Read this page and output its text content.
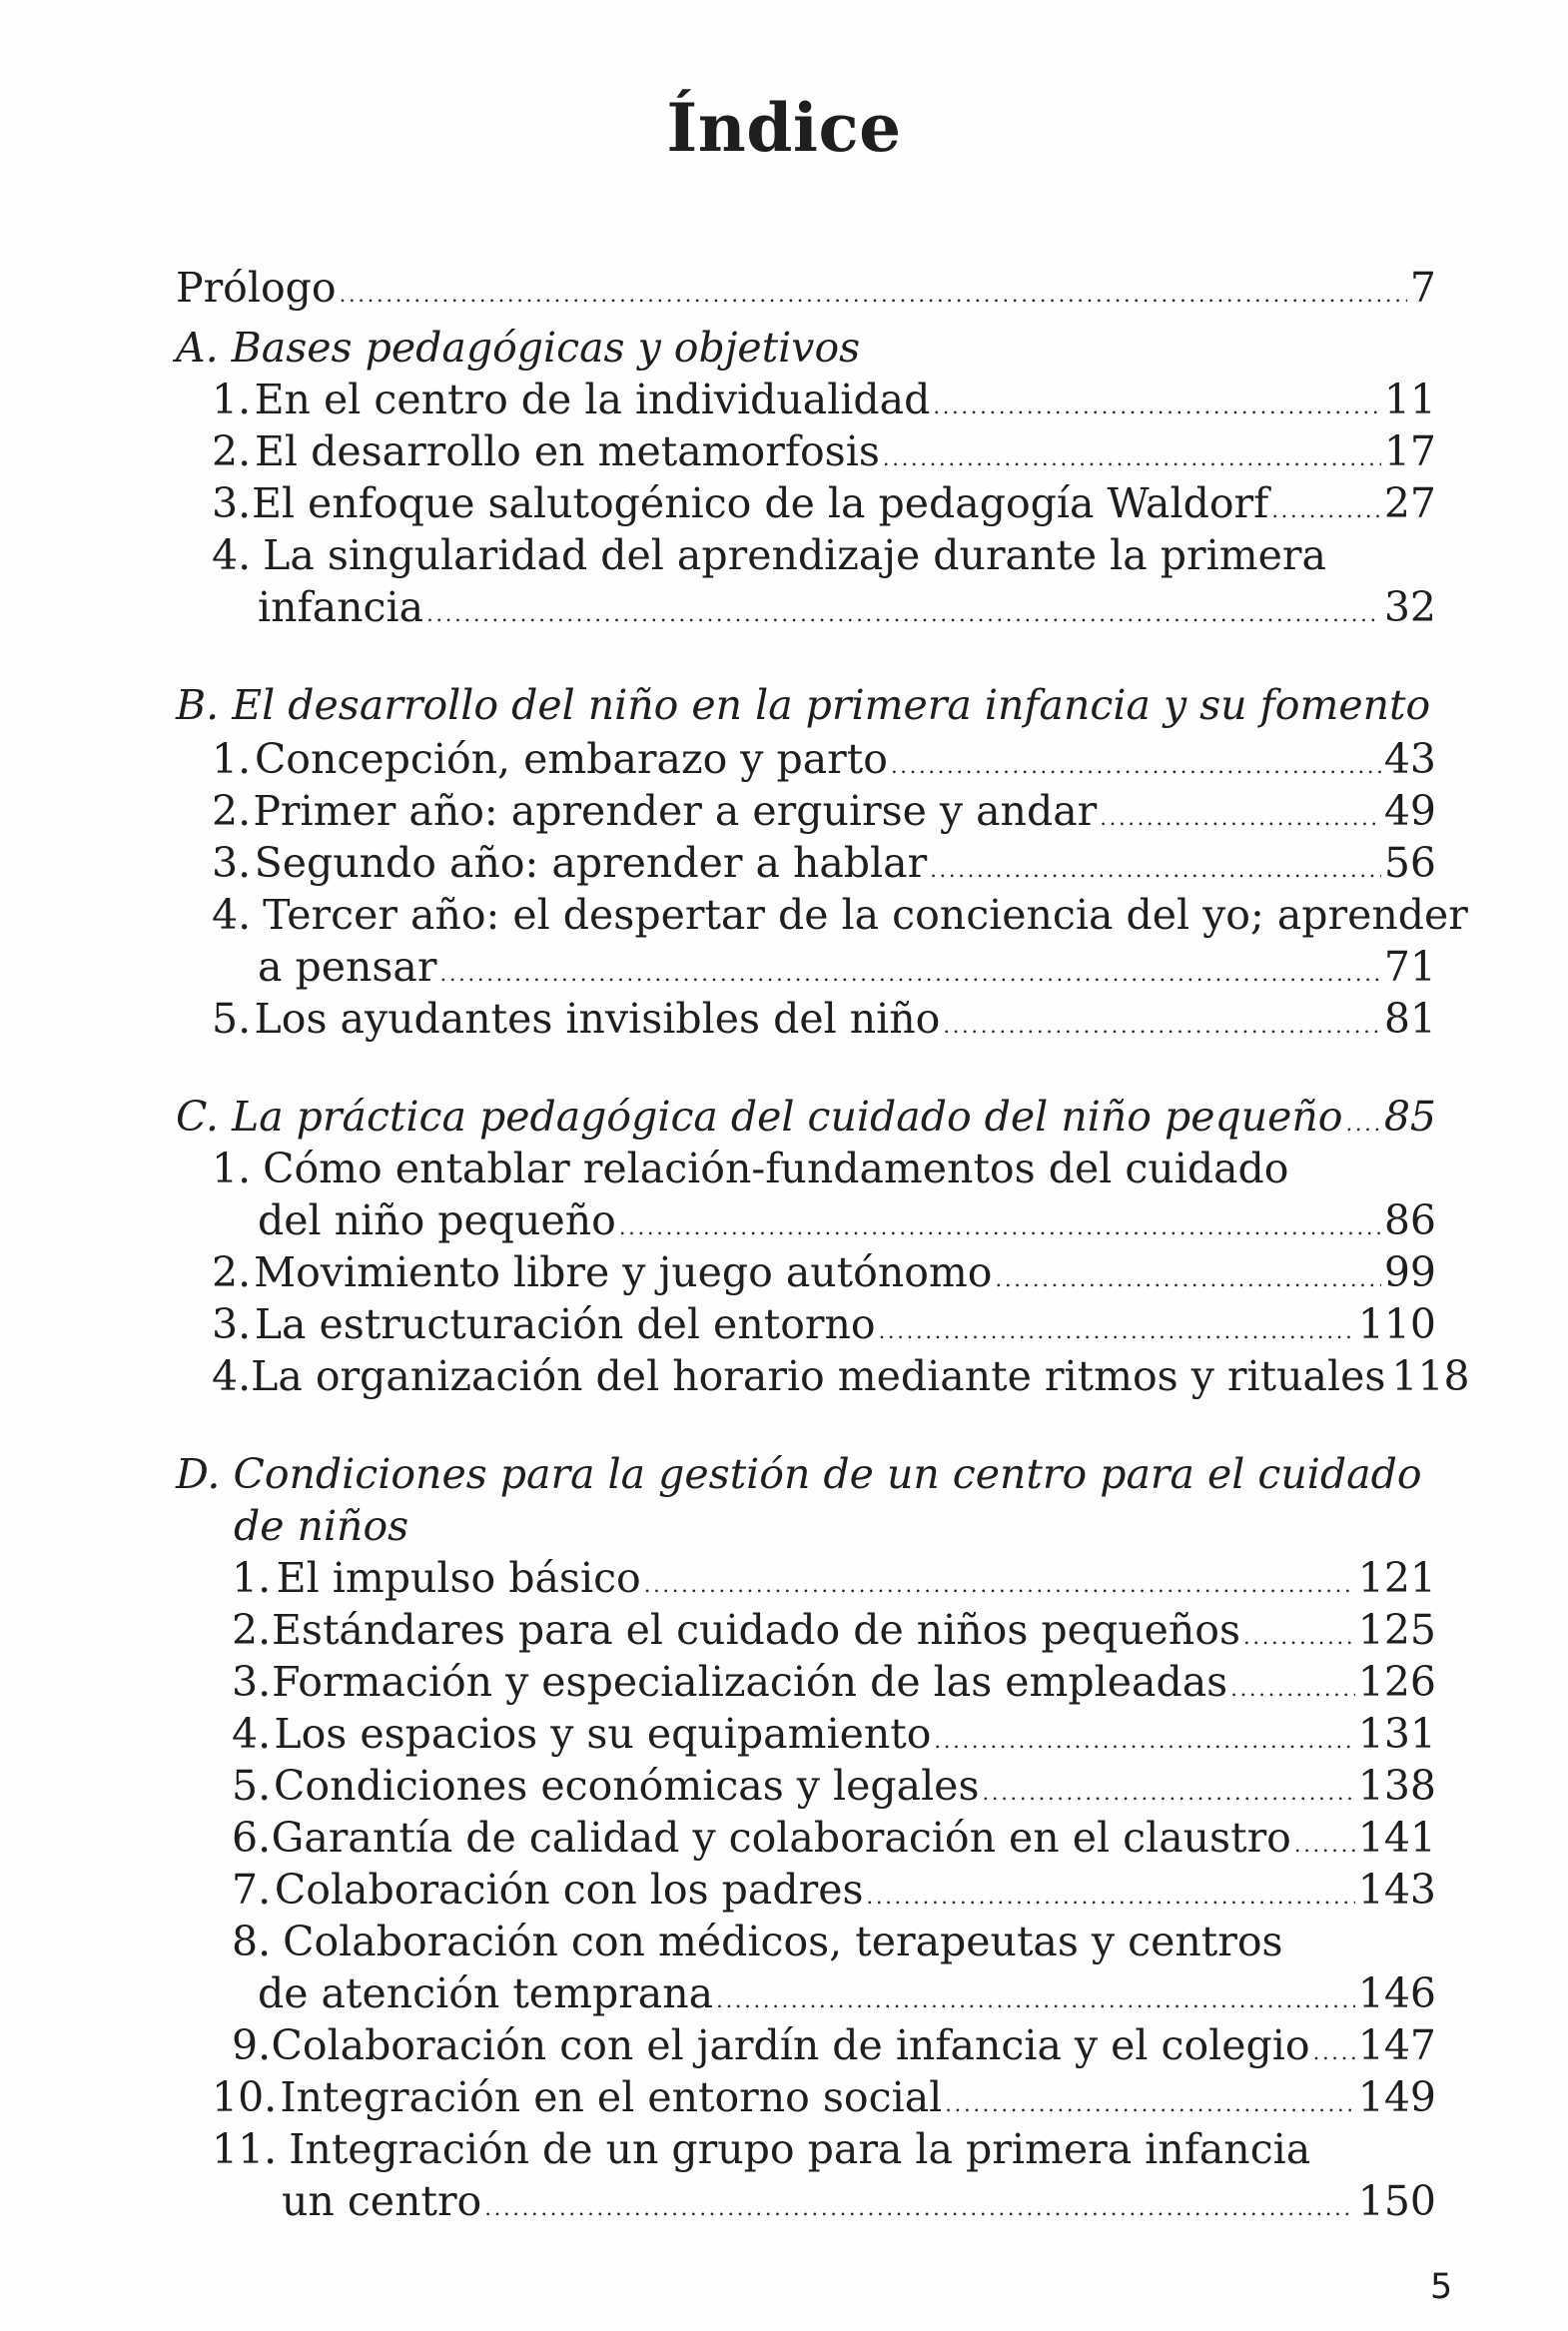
Índice
Prólogo . . .	7
A. Bases pedagógicas y objetivos
1. En el centro de la individualidad . . .	11
2. El desarrollo en metamorfosis . . .	17
3. El enfoque salutogénico de la pedagogía Waldorf . . .	27
4. La singularidad del aprendizaje durante la primera
infancia . . .	32
B. El desarrollo del niño en la primera infancia y su fomento
1. Concepción, embarazo y parto . . .	43
2. Primer año: aprender a erguirse y andar . . .	49
3. Segundo año: aprender a hablar . . .	56
4. Tercer año: el despertar de la conciencia del yo; aprender
a pensar . . .	71
5. Los ayudantes invisibles del niño . . .	81
C. La práctica pedagógica del cuidado del niño pequeño . . . 85
1. Cómo entablar relación-fundamentos del cuidado
del niño pequeño . . .	86
2. Movimiento libre y juego autónomo . . .	99
3. La estructuración del entorno . . .	110
4. La organización del horario mediante ritmos y rituales 118
D. Condiciones para la gestión de un centro para el cuidado
de niños
1. El impulso básico . . .	121
2. Estándares para el cuidado de niños pequeños . . .	125
3. Formación y especialización de las empleadas . . .	126
4. Los espacios y su equipamiento . . .	131
5. Condiciones económicas y legales . . .	138
6. Garantía de calidad y colaboración en el claustro . . . 141
7. Colaboración con los padres . . .	143
8. Colaboración con médicos, terapeutas y centros
de atención temprana . . .	146
9. Colaboración con el jardín de infancia y el colegio . . . 147
10. Integración en el entorno social . . .	149
11. Integración de un grupo para la primera infancia
un centro . . .	150
5
